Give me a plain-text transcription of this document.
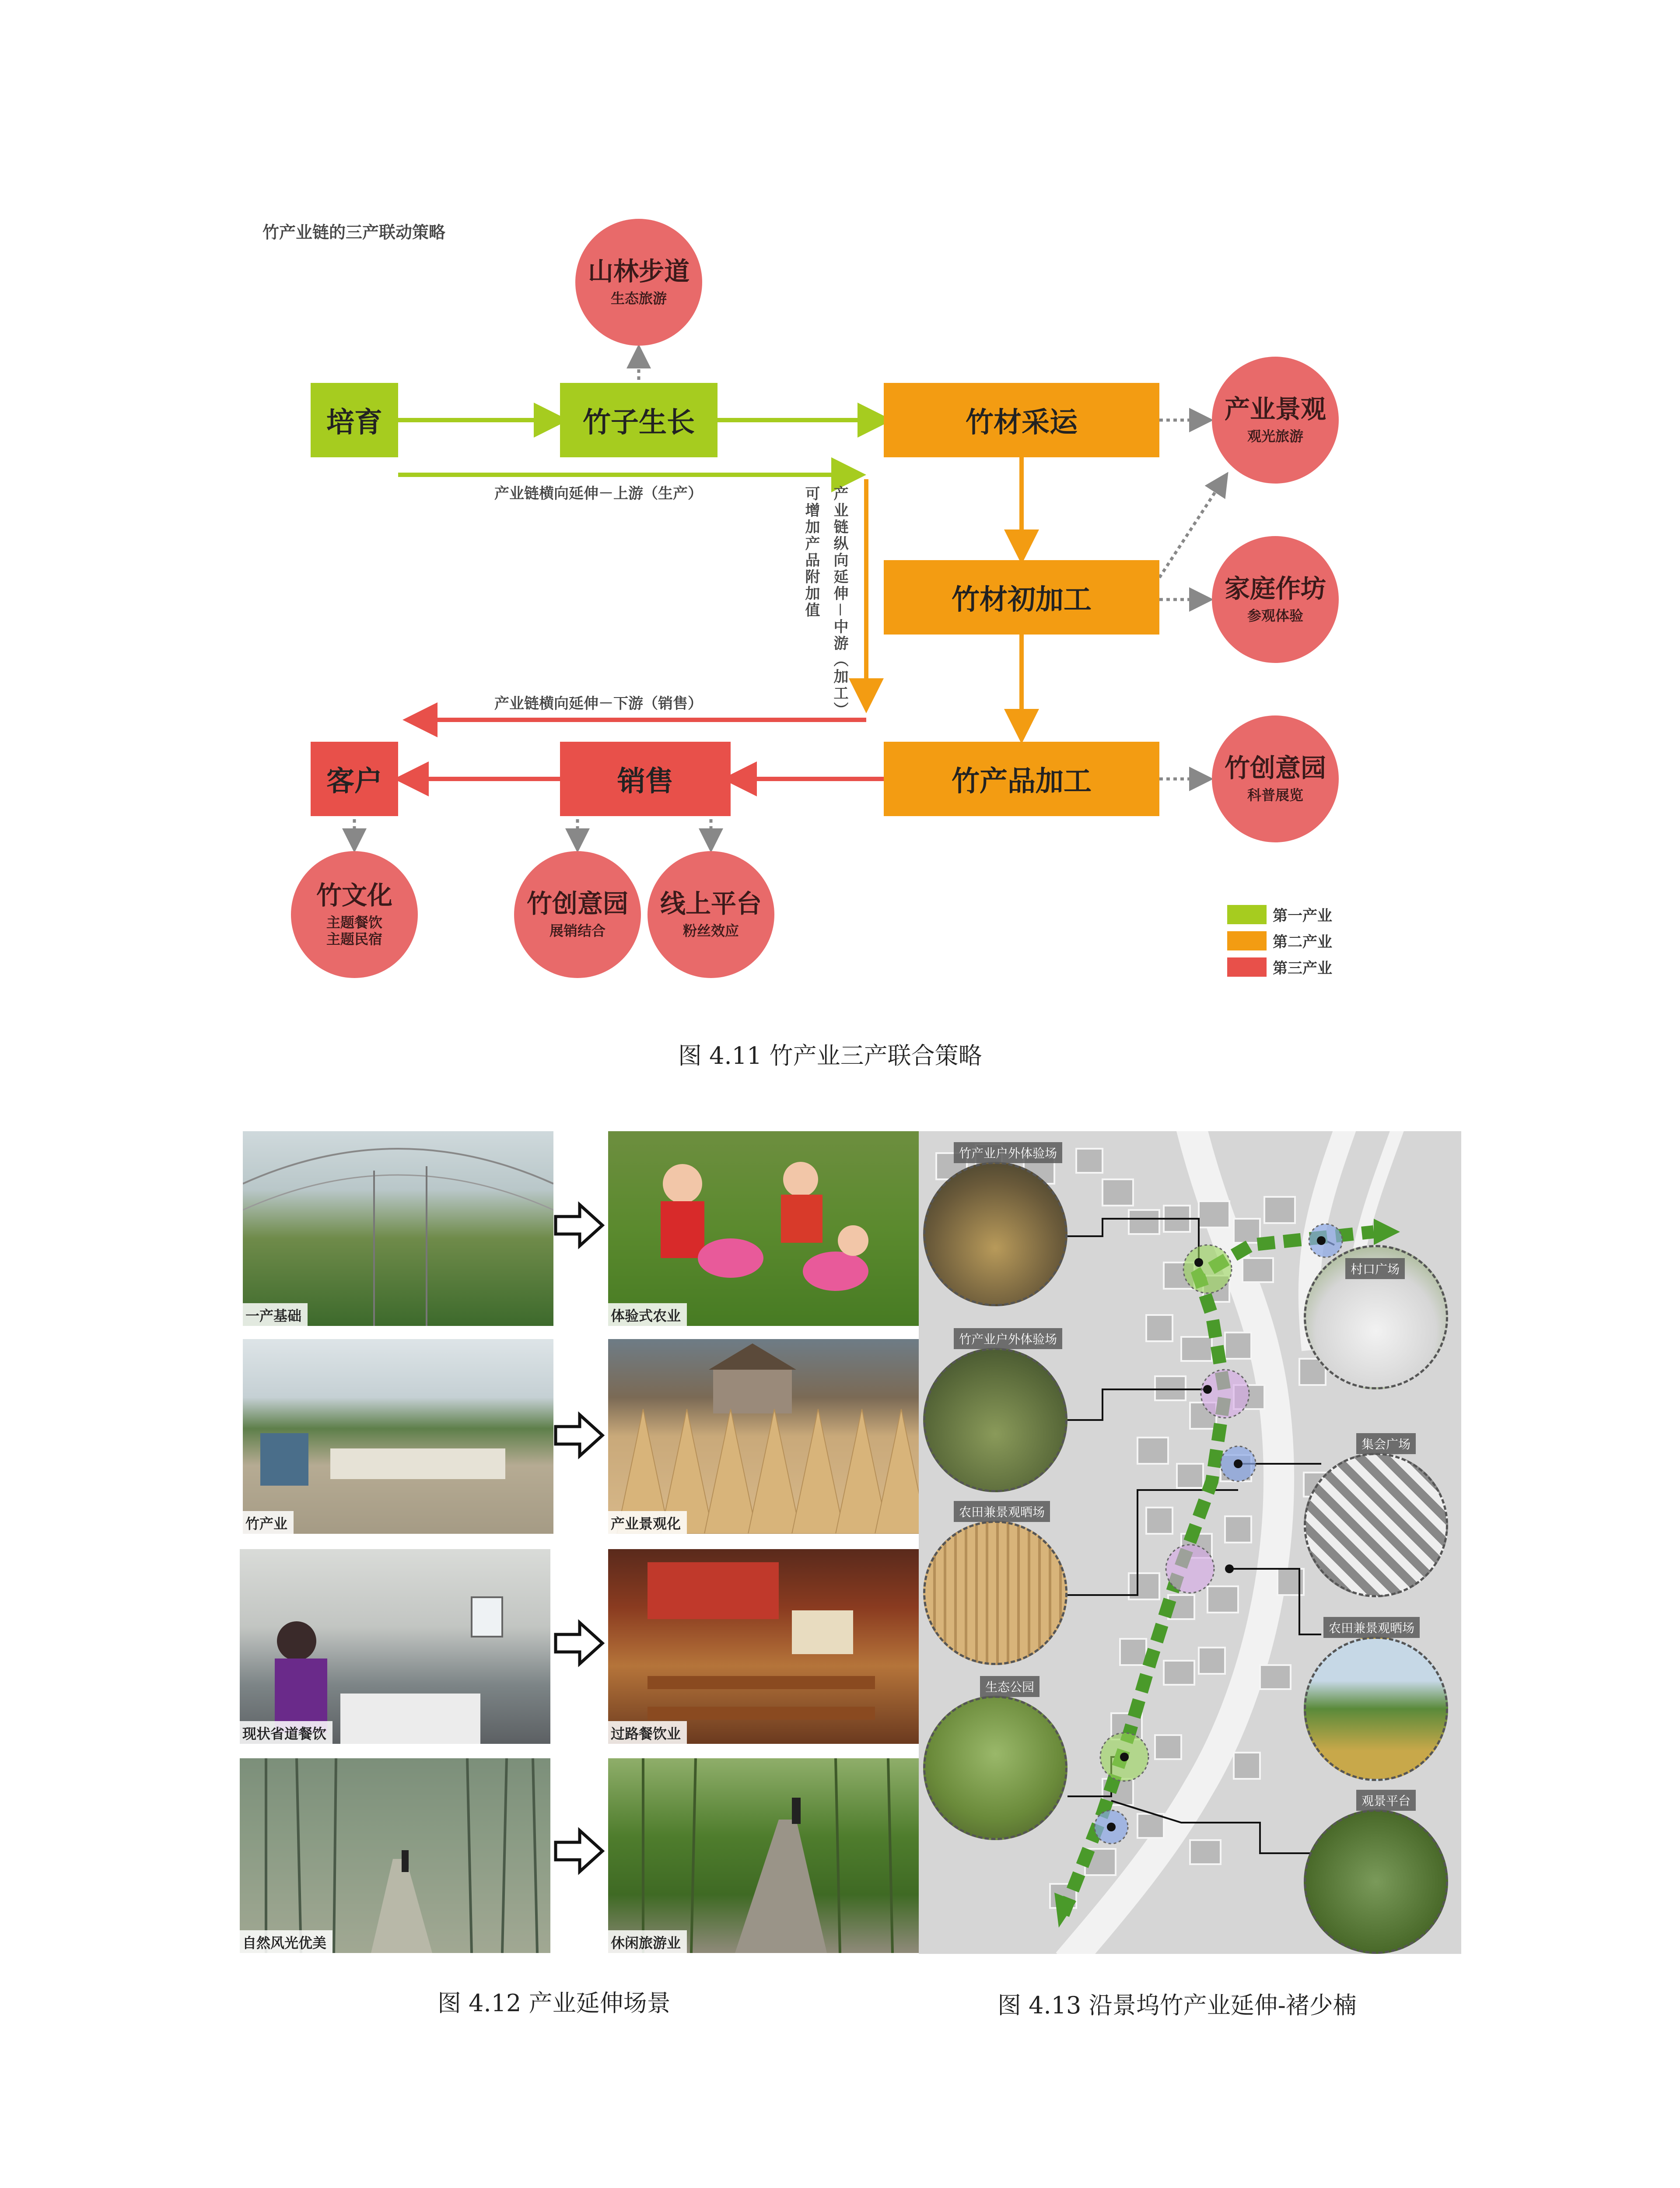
竹产业链的三产联动策略
培育	竹子生长	竹材采运
竹材初加工
竹产品加工
销售
客户
山林步道
生态旅游
产业景观
观光旅游
家庭作坊
参观体验
竹创意园
科普展览
竹文化
主题餐饮
主题民宿
竹创意园
展销结合
线上平台
粉丝效应
产业链横向延伸－上游（生产）
产业链横向延伸－下游（销售）	产业链纵向延伸－中游（加工）
可增加产品附加值
第一产业
第二产业
第三产业
图 4.11 竹产业三产联合策略
一产基础	体验式农业
竹产业	产业景观化
现状省道餐饮	过路餐饮业
自然风光优美	休闲旅游业
图 4.12 产业延伸场景
竹产业户外体验场
竹产业户外体验场
农田兼景观晒场
生态公园
村口广场
集会广场
农田兼景观晒场
观景平台
图 4.13 沿景坞竹产业延伸-褚少楠
